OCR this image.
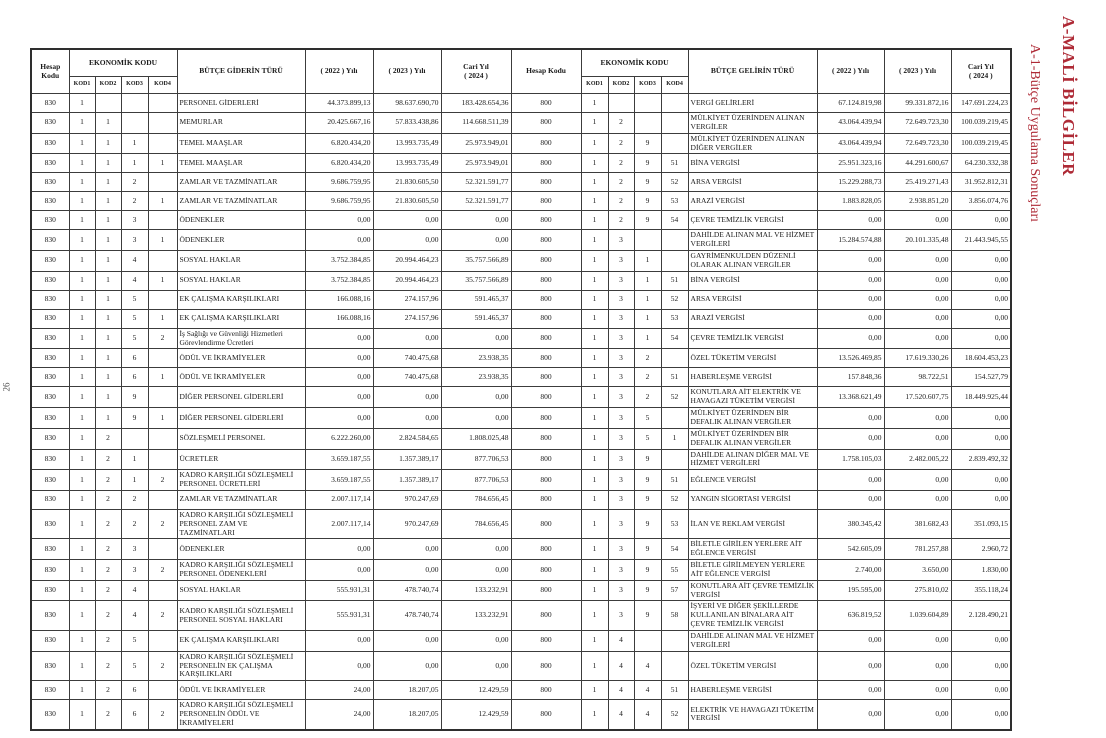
26
Hesap Kodu	EKONOMİK KODU				BÜTÇE GİDERİN TÜRÜ	( 2022 ) Yılı	( 2023 ) Yılı	Cari Yıl
( 2024 )	Hesap Kodu	EKONOMİK KODU				BÜTÇE GELİRİN TÜRÜ	( 2022 ) Yılı	( 2023 ) Yılı	Cari Yıl
( 2024 )
	KOD1	KOD2	KOD3	KOD4						KOD1	KOD2	KOD3	KOD4				
830	1				PERSONEL GİDERLERİ	44.373.899,13	98.637.690,70	183.428.654,36	800	1				VERGİ GELİRLERİ	67.124.819,98	99.331.872,16	147.691.224,23
830	1	1			MEMURLAR	20.425.667,16	57.833.438,86	114.668.511,39	800	1	2			MÜLKİYET ÜZERİNDEN ALINAN VERGİLER	43.064.439,94	72.649.723,30	100.039.219,45
830	1	1	1		TEMEL MAAŞLAR	6.820.434,20	13.993.735,49	25.973.949,01	800	1	2	9		MÜLKİYET ÜZERİNDEN ALINAN DİĞER VERGİLER	43.064.439,94	72.649.723,30	100.039.219,45
830	1	1	1	1	TEMEL MAAŞLAR	6.820.434,20	13.993.735,49	25.973.949,01	800	1	2	9	51	BİNA VERGİSİ	25.951.323,16	44.291.600,67	64.230.332,38
830	1	1	2		ZAMLAR VE TAZMİNATLAR	9.686.759,95	21.830.605,50	52.321.591,77	800	1	2	9	52	ARSA VERGİSİ	15.229.288,73	25.419.271,43	31.952.812,31
830	1	1	2	1	ZAMLAR VE TAZMİNATLAR	9.686.759,95	21.830.605,50	52.321.591,77	800	1	2	9	53	ARAZİ VERGİSİ	1.883.828,05	2.938.851,20	3.856.074,76
830	1	1	3		ÖDENEKLER	0,00	0,00	0,00	800	1	2	9	54	ÇEVRE TEMİZLİK VERGİSİ	0,00	0,00	0,00
830	1	1	3	1	ÖDENEKLER	0,00	0,00	0,00	800	1	3			DAHİLDE ALINAN MAL VE HİZMET VERGİLERİ	15.284.574,88	20.101.335,48	21.443.945,55
830	1	1	4		SOSYAL HAKLAR	3.752.384,85	20.994.464,23	35.757.566,89	800	1	3	1		GAYRİMENKULDEN DÜZENLİ OLARAK ALINAN VERGİLER	0,00	0,00	0,00
830	1	1	4	1	SOSYAL HAKLAR	3.752.384,85	20.994.464,23	35.757.566,89	800	1	3	1	51	BİNA VERGİSİ	0,00	0,00	0,00
830	1	1	5		EK ÇALIŞMA KARŞILIKLARI	166.088,16	274.157,96	591.465,37	800	1	3	1	52	ARSA VERGİSİ	0,00	0,00	0,00
830	1	1	5	1	EK ÇALIŞMA KARŞILIKLARI	166.088,16	274.157,96	591.465,37	800	1	3	1	53	ARAZİ VERGİSİ	0,00	0,00	0,00
830	1	1	5	2	İş Sağlığı ve Güvenliği Hizmetleri Görevlendirme Ücretleri	0,00	0,00	0,00	800	1	3	1	54	ÇEVRE TEMİZLİK VERGİSİ	0,00	0,00	0,00
830	1	1	6		ÖDÜL VE İKRAMİYELER	0,00	740.475,68	23.938,35	800	1	3	2		ÖZEL TÜKETİM VERGİSİ	13.526.469,85	17.619.330,26	18.604.453,23
830	1	1	6	1	ÖDÜL VE İKRAMİYELER	0,00	740.475,68	23.938,35	800	1	3	2	51	HABERLEŞME VERGİSİ	157.848,36	98.722,51	154.527,79
830	1	1	9		DİĞER PERSONEL GİDERLERİ	0,00	0,00	0,00	800	1	3	2	52	KONUTLARA AİT ELEKTRİK VE HAVAGAZI TÜKETİM VERGİSİ	13.368.621,49	17.520.607,75	18.449.925,44
830	1	1	9	1	DİĞER PERSONEL GİDERLERİ	0,00	0,00	0,00	800	1	3	5		MÜLKİYET ÜZERİNDEN BİR DEFALIK ALINAN VERGİLER	0,00	0,00	0,00
830	1	2			SÖZLEŞMELİ PERSONEL	6.222.260,00	2.824.584,65	1.808.025,48	800	1	3	5	1	MÜLKİYET ÜZERİNDEN BİR DEFALIK ALINAN VERGİLER	0,00	0,00	0,00
830	1	2	1		ÜCRETLER	3.659.187,55	1.357.389,17	877.706,53	800	1	3	9		DAHİLDE ALINAN DİĞER MAL VE HİZMET VERGİLERİ	1.758.105,03	2.482.005,22	2.839.492,32
830	1	2	1	2	KADRO KARŞILIĞI SÖZLEŞMELİ PERSONEL ÜCRETLERİ	3.659.187,55	1.357.389,17	877.706,53	800	1	3	9	51	EĞLENCE VERGİSİ	0,00	0,00	0,00
830	1	2	2		ZAMLAR VE TAZMİNATLAR	2.007.117,14	970.247,69	784.656,45	800	1	3	9	52	YANGIN SİGORTASI VERGİSİ	0,00	0,00	0,00
830	1	2	2	2	KADRO KARŞILIĞI SÖZLEŞMELİ PERSONEL ZAM VE TAZMİNATLARI	2.007.117,14	970.247,69	784.656,45	800	1	3	9	53	İLAN VE REKLAM VERGİSİ	380.345,42	381.682,43	351.093,15
830	1	2	3		ÖDENEKLER	0,00	0,00	0,00	800	1	3	9	54	BİLETLE GİRİLEN YERLERE AİT EĞLENCE VERGİSİ	542.605,09	781.257,88	2.960,72
830	1	2	3	2	KADRO KARŞILIĞI SÖZLEŞMELİ PERSONEL ÖDENEKLERİ	0,00	0,00	0,00	800	1	3	9	55	BİLETLE GİRİLMEYEN YERLERE AİT EĞLENCE VERGİSİ	2.740,00	3.650,00	1.830,00
830	1	2	4		SOSYAL HAKLAR	555.931,31	478.740,74	133.232,91	800	1	3	9	57	KONUTLARA AİT ÇEVRE TEMİZLİK VERGİSİ	195.595,00	275.810,02	355.118,24
830	1	2	4	2	KADRO KARŞILIĞI SÖZLEŞMELİ PERSONEL SOSYAL HAKLARI	555.931,31	478.740,74	133.232,91	800	1	3	9	58	İŞYERİ VE DİĞER ŞEKİLLERDE KULLANILAN BİNALARA AİT ÇEVRE TEMİZLİK VERGİSİ	636.819,52	1.039.604,89	2.128.490,21
830	1	2	5		EK ÇALIŞMA KARŞILIKLARI	0,00	0,00	0,00	800	1	4			DAHİLDE ALINAN MAL VE HİZMET VERGİLERİ	0,00	0,00	0,00
830	1	2	5	2	KADRO KARŞILIĞI SÖZLEŞMELİ PERSONELİN EK ÇALIŞMA KARŞILIKLARI	0,00	0,00	0,00	800	1	4	4		ÖZEL TÜKETİM VERGİSİ	0,00	0,00	0,00
830	1	2	6		ÖDÜL VE İKRAMİYELER	24,00	18.207,05	12.429,59	800	1	4	4	51	HABERLEŞME VERGİSİ	0,00	0,00	0,00
830	1	2	6	2	KADRO KARŞILIĞI SÖZLEŞMELİ PERSONELİN ÖDÜL VE İKRAMİYELERİ	24,00	18.207,05	12.429,59	800	1	4	4	52	ELEKTRİK VE HAVAGAZI TÜKETİM VERGİSİ	0,00	0,00	0,00
A-MALİ BİLGİLER
A-1-Bütçe Uygulama Sonuçları
